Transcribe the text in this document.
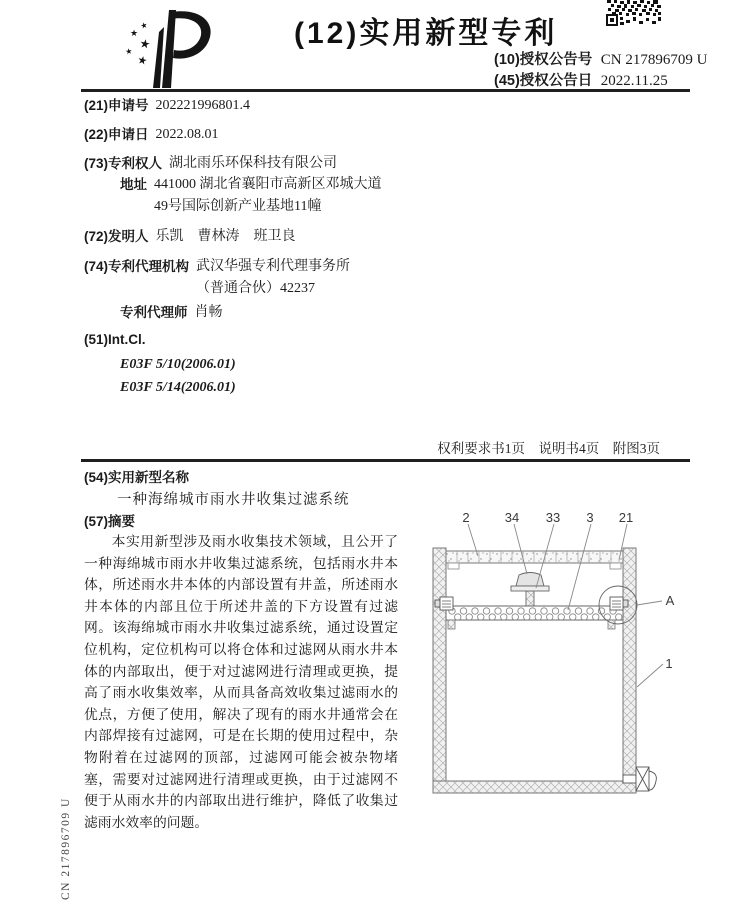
★
★
★
★
★
(12)实用新型专利
(10)授权公告号 CN 217896709 U
(45)授权公告日 2022.11.25
(21)申请号 202221996801.4
(22)申请日 2022.08.01
(73)专利权人 湖北雨乐环保科技有限公司
地址 441000 湖北省襄阳市高新区邓城大道49号国际创新产业基地11幢
(72)发明人 乐凯　曹林涛　班卫良
(74)专利代理机构 武汉华强专利代理事务所（普通合伙）42237
专利代理师 肖畅
(51)Int.Cl.
E03F 5/10(2006.01)
E03F 5/14(2006.01)
权利要求书1页　说明书4页　附图3页
(54)实用新型名称
一种海绵城市雨水井收集过滤系统
(57)摘要
本实用新型涉及雨水收集技术领域，且公开了一种海绵城市雨水井收集过滤系统，包括雨水井本体，所述雨水井本体的内部设置有井盖，所述雨水井本体的内部且位于所述井盖的下方设置有过滤网。该海绵城市雨水井收集过滤系统，通过设置定位机构，定位机构可以将仓体和过滤网从雨水井本体的内部取出，便于对过滤网进行清理或更换，提高了雨水收集效率，从而具备高效收集过滤雨水的优点，方便了使用，解决了现有的雨水井通常会在内部焊接有过滤网，可是在长期的使用过程中，杂物附着在过滤网的顶部，过滤网可能会被杂物堵塞，需要对过滤网进行清理或更换，由于过滤网不便于从雨水井的内部取出进行维护，降低了收集过滤雨水效率的问题。
2	34 33 3 21
A
1
CN 217896709 U
